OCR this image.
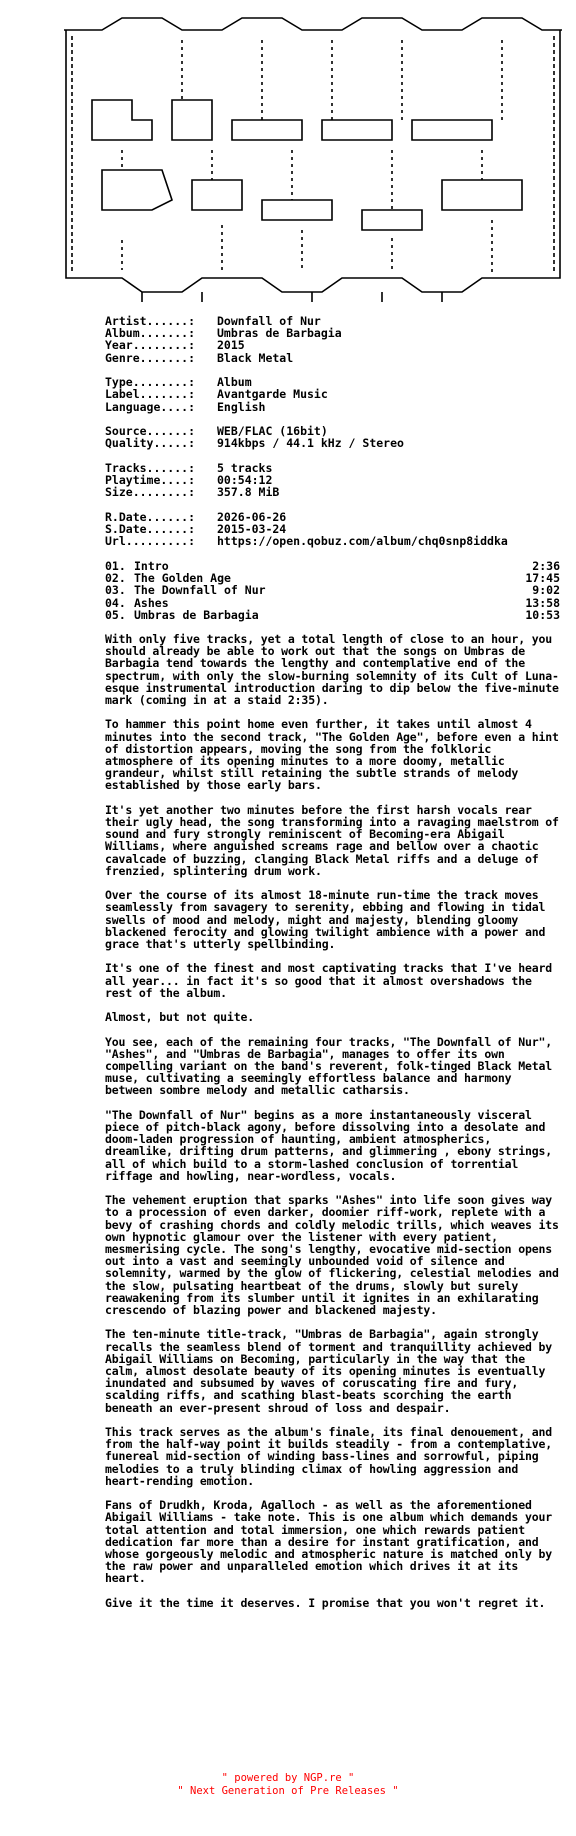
Artist......:	Downfall of Nur
Album.......:	Umbras de Barbagia
Year........:	2015
Genre.......:	Black Metal
Type........:	Album
Label.......:	Avantgarde Music
Language....:	English
Source......:	WEB/FLAC (16bit)
Quality.....:	914kbps / 44.1 kHz / Stereo
Tracks......:	5 tracks
Playtime....:	00:54:12
Size........:	357.8 MiB
R.Date......:	2026-06-26
S.Date......:	2015-03-24
Url.........:	https://open.qobuz.com/album/chq0snp8iddka
01. Intro	2:36
02. The Golden Age	17:45
03. The Downfall of Nur	9:02
04. Ashes	13:58
05. Umbras de Barbagia	10:53

With only five tracks, yet a total length of close to an hour, you should already be able to work out that the songs on Umbras de Barbagia tend towards the lengthy and contemplative end of the spectrum, with only the slow-burning solemnity of its Cult of Luna-esque instrumental introduction daring to dip below the five-minute mark (coming in at a staid 2:35).

To hammer this point home even further, it takes until almost 4 minutes into the second track, "The Golden Age", before even a hint of distortion appears, moving the song from the folkloric atmosphere of its opening minutes to a more doomy, metallic grandeur, whilst still retaining the subtle strands of melody established by those early bars.

It's yet another two minutes before the first harsh vocals rear their ugly head, the song transforming into a ravaging maelstrom of sound and fury strongly reminiscent of Becoming-era Abigail Williams, where anguished screams rage and bellow over a chaotic cavalcade of buzzing, clanging Black Metal riffs and a deluge of frenzied, splintering drum work.

Over the course of its almost 18-minute run-time the track moves seamlessly from savagery to serenity, ebbing and flowing in tidal swells of mood and melody, might and majesty, blending gloomy blackened ferocity and glowing twilight ambience with a power and grace that's utterly spellbinding.

It's one of the finest and most captivating tracks that I've heard all year... in fact it's so good that it almost overshadows the rest of the album.

Almost, but not quite.

You see, each of the remaining four tracks, "The Downfall of Nur", "Ashes", and "Umbras de Barbagia", manages to offer its own compelling variant on the band's reverent, folk-tinged Black Metal muse, cultivating a seemingly effortless balance and harmony between sombre melody and metallic catharsis.

"The Downfall of Nur" begins as a more instantaneously visceral piece of pitch-black agony, before dissolving into a desolate and doom-laden progression of haunting, ambient atmospherics, dreamlike, drifting drum patterns, and glimmering , ebony strings, all of which build to a storm-lashed conclusion of torrential riffage and howling, near-wordless, vocals.

The vehement eruption that sparks "Ashes" into life soon gives way to a procession of even darker, doomier riff-work, replete with a bevy of crashing chords and coldly melodic trills, which weaves its own hypnotic glamour over the listener with every patient, mesmerising cycle. The song's lengthy, evocative mid-section opens out into a vast and seemingly unbounded void of silence and solemnity, warmed by the glow of flickering, celestial melodies and the slow, pulsating heartbeat of the drums, slowly but surely reawakening from its slumber until it ignites in an exhilarating crescendo of blazing power and blackened majesty.

The ten-minute title-track, "Umbras de Barbagia", again strongly recalls the seamless blend of torment and tranquillity achieved by Abigail Williams on Becoming, particularly in the way that the calm, almost desolate beauty of its opening minutes is eventually inundated and subsumed by waves of coruscating fire and fury, scalding riffs, and scathing blast-beats scorching the earth beneath an ever-present shroud of loss and despair.

This track serves as the album's finale, its final denouement, and from the half-way point it builds steadily - from a contemplative, funereal mid-section of winding bass-lines and sorrowful, piping melodies to a truly blinding climax of howling aggression and heart-rending emotion.

Fans of Drudkh, Kroda, Agalloch - as well as the aforementioned Abigail Williams - take note. This is one album which demands your total attention and total immersion, one which rewards patient dedication far more than a desire for instant gratification, and whose gorgeously melodic and atmospheric nature is matched only by the raw power and unparalleled emotion which drives it at its heart.

Give it the time it deserves. I promise that you won't regret it.

" powered by NGP.re "
" Next Generation of Pre Releases "
